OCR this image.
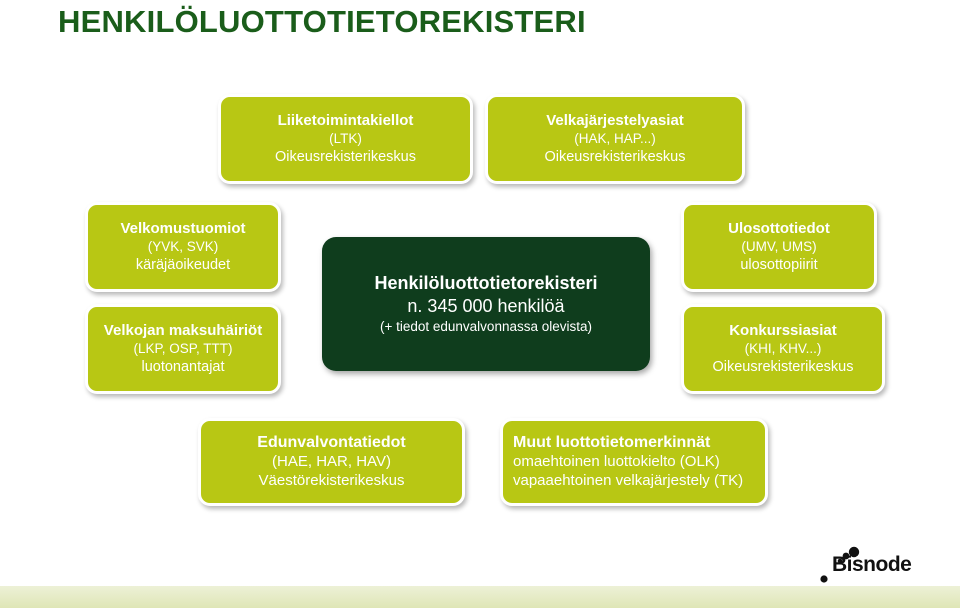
HENKILÖLUOTTOTIETOREKISTERI
Liiketoimintakiellot
(LTK)
Oikeusrekisterikeskus
Velkajärjestelyasiat
(HAK, HAP...)
Oikeusrekisterikeskus
Velkomustuomiot
(YVK, SVK)
käräjäoikeudet
Velkojan maksuhäiriöt
(LKP, OSP, TTT)
luotonantajat
Henkilöluottotietorekisteri
n. 345 000 henkilöä
(+ tiedot edunvalvonnassa olevista)
Ulosottotiedot
(UMV, UMS)
ulosottopiirit
Konkurssiasiat
(KHI, KHV...)
Oikeusrekisterikeskus
Edunvalvontatiedot
(HAE, HAR, HAV)
Väestörekisterikeskus
Muut luottotietomerkinnät
omaehtoinen luottokielto (OLK)
vapaaehtoinen velkajärjestely (TK)
Bisnode
